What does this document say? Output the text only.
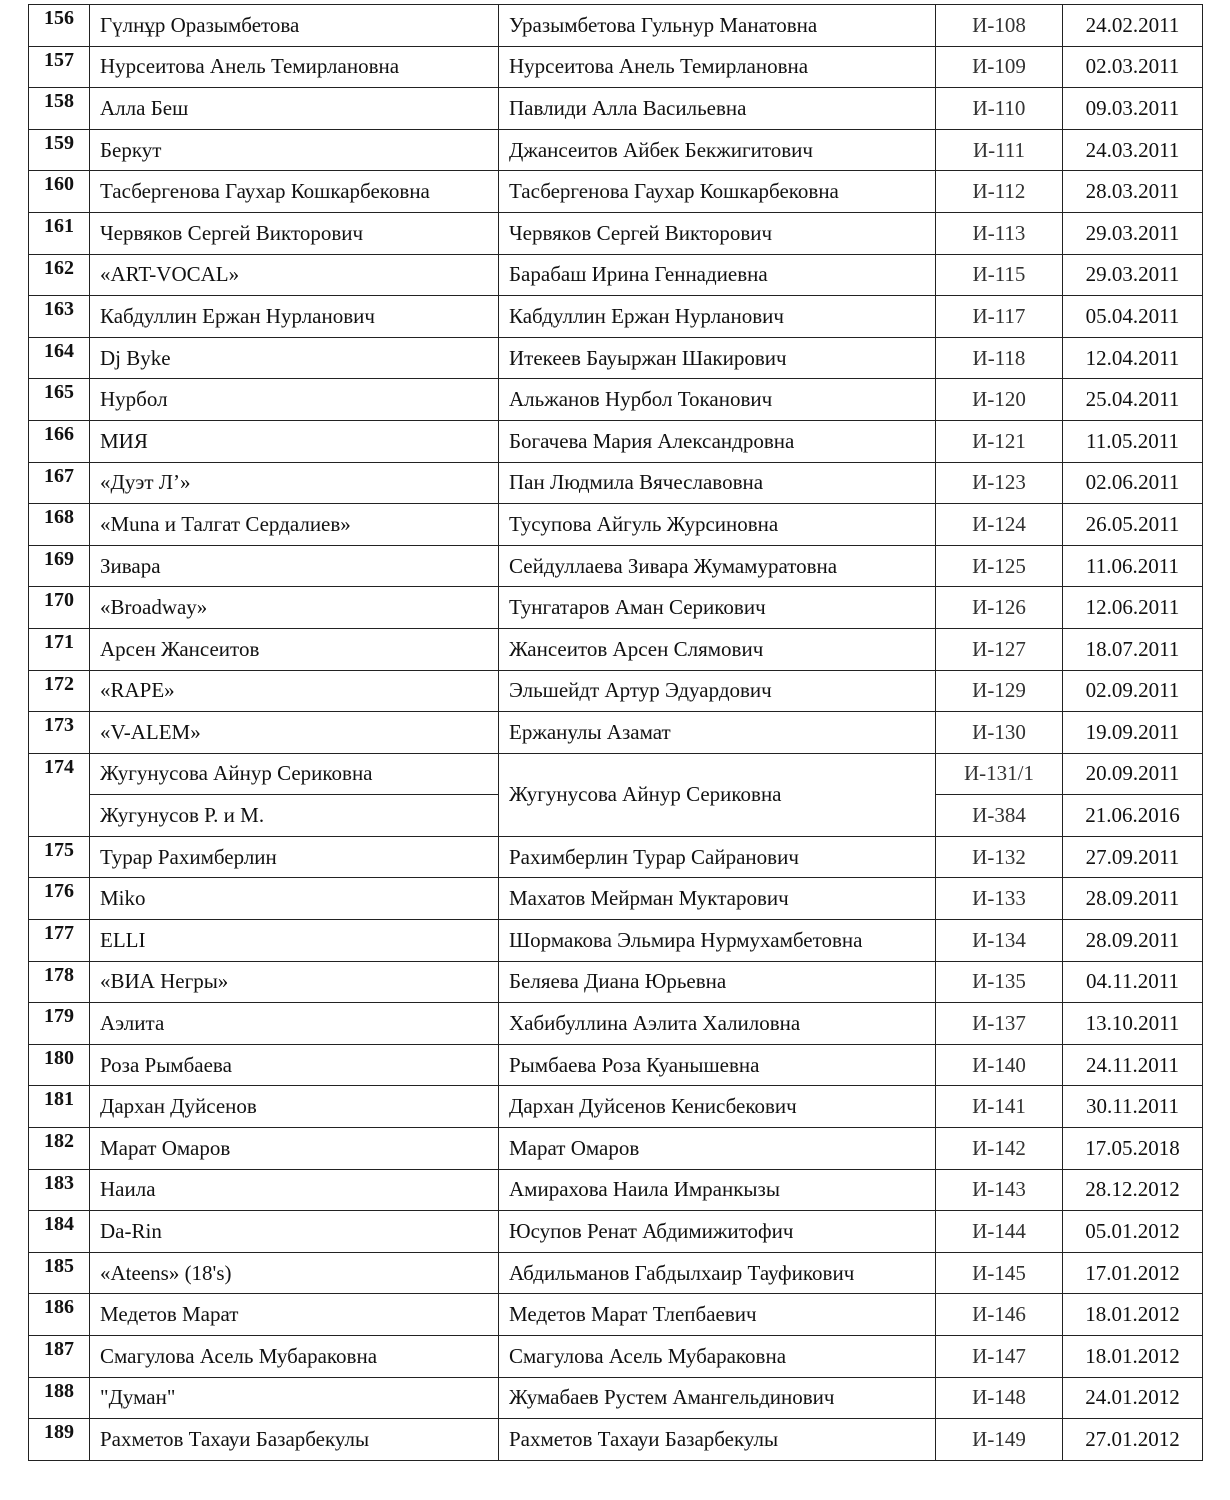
156	Гүлнұр Оразымбетова	Уразымбетова Гульнур Манатовна	И-108	24.02.2011
157	Нурсеитова Анель Темирлановна	Нурсеитова Анель Темирлановна	И-109	02.03.2011
158	Алла Беш	Павлиди Алла Васильевна	И-110	09.03.2011
159	Беркут	Джансеитов Айбек Бекжигитович	И-111	24.03.2011
160	Тасбергенова Гаухар Кошкарбековна	Тасбергенова Гаухар Кошкарбековна	И-112	28.03.2011
161	Червяков Сергей Викторович	Червяков Сергей Викторович	И-113	29.03.2011
162	«ART-VOCAL»	Барабаш Ирина Геннадиевна	И-115	29.03.2011
163	Кабдуллин Ержан Нурланович	Кабдуллин Ержан Нурланович	И-117	05.04.2011
164	Dj Byke	Итекеев Бауыржан Шакирович	И-118	12.04.2011
165	Нурбол	Альжанов Нурбол Токанович	И-120	25.04.2011
166	МИЯ	Богачева Мария Александровна	И-121	11.05.2011
167	«Дуэт Л’»	Пан Людмила Вячеславовна	И-123	02.06.2011
168	«Muna и Талгат Сердалиев»	Тусупова Айгуль Журсиновна	И-124	26.05.2011
169	Зивара	Сейдуллаева Зивара Жумамуратовна	И-125	11.06.2011
170	«Broadway»	Тунгатаров Аман Серикович	И-126	12.06.2011
171	Арсен Жансеитов	Жансеитов Арсен Слямович	И-127	18.07.2011
172	«RAPE»	Эльшейдт Артур Эдуардович	И-129	02.09.2011
173	«V-ALEM»	Ержанулы Азамат	И-130	19.09.2011
174	Жугунусова Айнур Сериковна	Жугунусова Айнур Сериковна	И-131/1	20.09.2011
	Жугунусов Р. и М.		И-384	21.06.2016
175	Турар Рахимберлин	Рахимберлин Турар Сайранович	И-132	27.09.2011
176	Miko	Махатов Мейрман Муктарович	И-133	28.09.2011
177	ELLI	Шормакова Эльмира Нурмухамбетовна	И-134	28.09.2011
178	«ВИА Негры»	Беляева Диана Юрьевна	И-135	04.11.2011
179	Аэлита	Хабибуллина Аэлита Халиловна	И-137	13.10.2011
180	Роза Рымбаева	Рымбаева Роза Куанышевна	И-140	24.11.2011
181	Дархан Дуйсенов	Дархан Дуйсенов Кенисбекович	И-141	30.11.2011
182	Марат Омаров	Марат Омаров	И-142	17.05.2018
183	Наила	Амирахова Наила Имранкызы	И-143	28.12.2012
184	Da-Rin	Юсупов Ренат Абдимижитофич	И-144	05.01.2012
185	«Ateens» (18's)	Абдильманов Габдылхаир Тауфикович	И-145	17.01.2012
186	Медетов Марат	Медетов Марат Тлепбаевич	И-146	18.01.2012
187	Смагулова Асель Мубараковна	Смагулова Асель Мубараковна	И-147	18.01.2012
188	"Думан"	Жумабаев Рустем Амангельдинович	И-148	24.01.2012
189	Рахметов Тахауи Базарбекулы	Рахметов Тахауи Базарбекулы	И-149	27.01.2012
